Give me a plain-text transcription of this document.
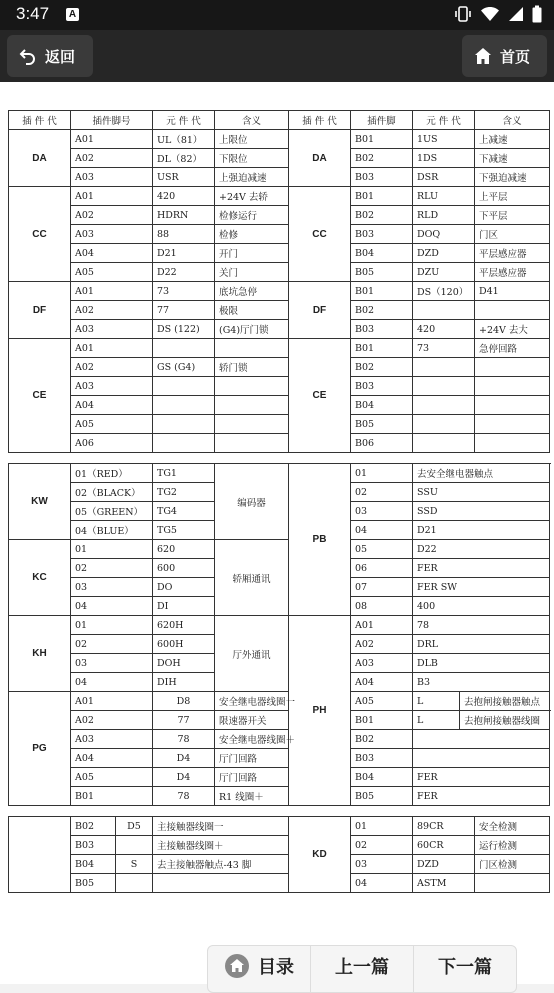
3:47 A
返回	首页
插 件 代	插件脚号	元 件 代	含义	插 件 代	插件脚	元 件 代	含义
DA	A01	UL（81）	上限位	DA	B01	1US	上减速
	A02	DL（82）	下限位		B02	1DS	下减速
	A03	USR	上强迫减速		B03	DSR	下强迫减速
CC	A01	420	+24V 去轿	CC	B01	RLU	上平层
	A02	HDRN	检修运行		B02	RLD	下平层
	A03	88	检修		B03	DOQ	门区
	A04	D21	开门		B04	DZD	平层感应器
	A05	D22	关门		B05	DZU	平层感应器
DF	A01	73	底坑急停	DF	B01	DS（120）	D41
	A02	77	极限		B02		
	A03	DS (122)	(G4)厅门锁		B03	420	+24V 去大
CE	A01			CE	B01	73	急停回路
	A02	GS (G4)	轿门锁		B02		
	A03				B03		
	A04				B04		
	A05				B05		
	A06				B06		
KW	01（RED）	TG1	编码器	PB	01	去安全继电器触点		
	02（BLACK）	TG2			02	SSU	
	05（GREEN）	TG4			03	SSD	
	04（BLUE）	TG5			04	D21	
KC	01	620	轿厢通讯		05	D22	
	02	600			06	FER	
	03	DO			07	FER SW	
	04	DI			08	400	
KH	01	620H	厅外通讯	PH	A01	78	
	02	600H			A02	DRL	
	03	DOH			A03	DLB	
	04	DIH			A04	B3	
PG	A01	D8	安全继电器线圈一		A05	L	去抱闸接触器触点	
	A02	77	限速器开关		B01	L	去抱闸接触器线圈	
	A03	78	安全继电器线圈＋		B02			
	A04	D4	厅门回路		B03			
	A05	D4	厅门回路		B04	FER	
	B01	78	R1 线圈＋		B05	FER		
	B02	D5	主接触器线圈一	KD	01	89CR	安全检测
	B03		主接触器线圈＋		02	60CR	运行检测
	B04	S	去主接触器触点-43 脚		03	DZD	门区检测
	B05				04	ASTM	
目录 上一篇	下一篇
